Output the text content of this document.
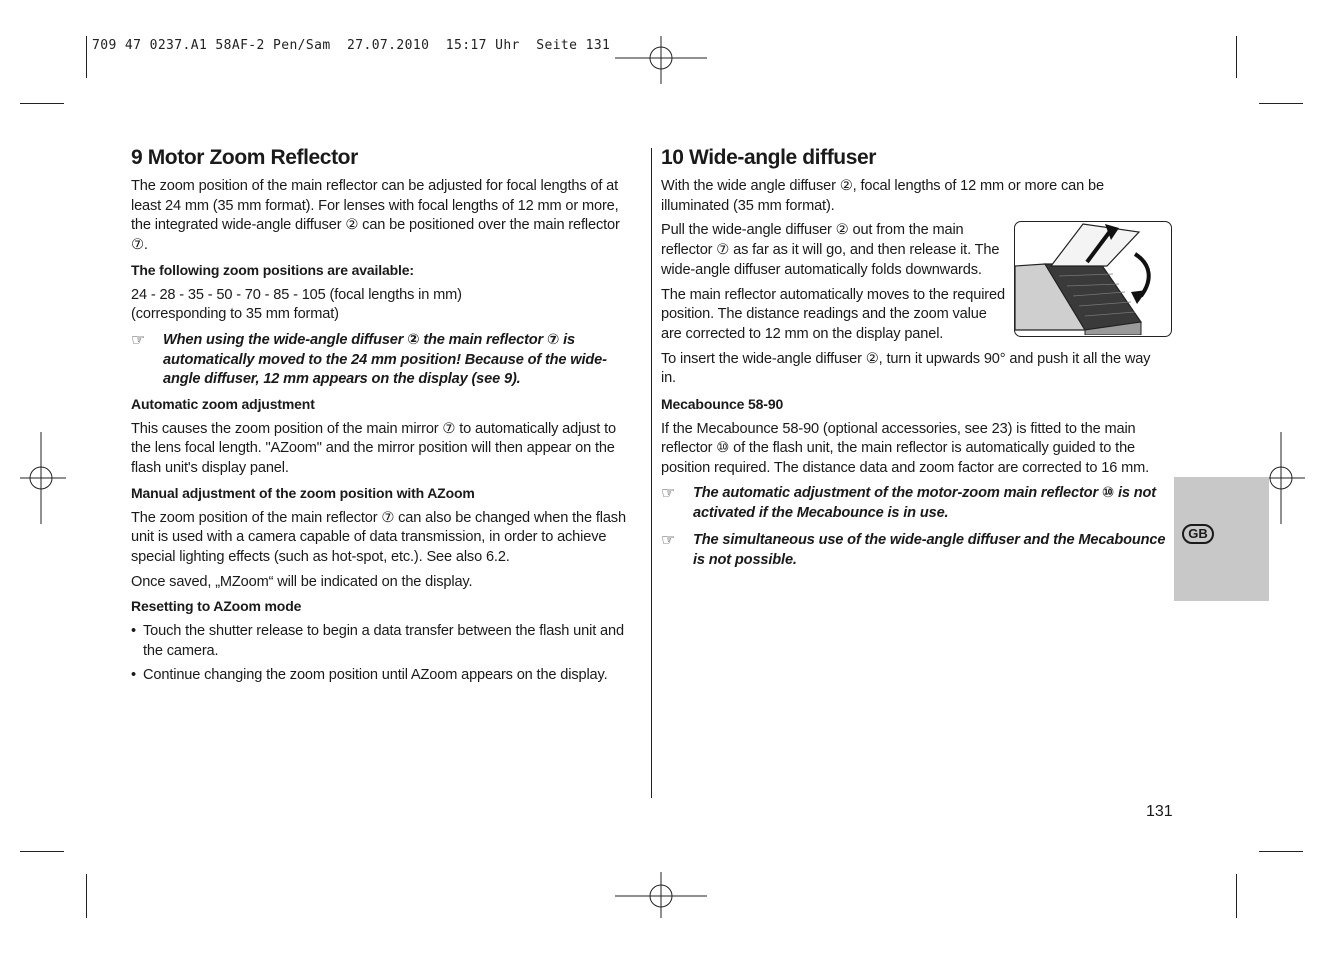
709 47 0237.A1 58AF-2 Pen/Sam  27.07.2010  15:17 Uhr  Seite 131
9 Motor Zoom Reflector

The zoom position of the main reflector can be adjusted for focal lengths of at least 24 mm (35 mm format). For lenses with focal lengths of 12 mm or more, the integrated wide-angle diffuser ② can be positioned over the main reflector ⑦.

The following zoom positions are available:

24 - 28 - 35 - 50 - 70 - 85 - 105 (focal lengths in mm)
(corresponding to 35 mm format)

☞	When using the wide-angle diffuser ② the main reflector ⑦ is automatically moved to the 24 mm position! Because of the wide-angle diffuser, 12 mm appears on the display (see 9).

Automatic zoom adjustment

This causes the zoom position of the main mirror ⑦ to automatically adjust to the lens focal length. "AZoom" and the mirror position will then appear on the flash unit's display panel.

Manual adjustment of the zoom position with AZoom

The zoom position of the main reflector ⑦ can also be changed when the flash unit is used with a camera capable of data transmission, in order to achieve special lighting effects (such as hot-spot, etc.). See also 6.2.

Once saved, „MZoom“ will be indicated on the display.

Resetting to AZoom mode

• Touch the shutter release to begin a data transfer between the flash unit and the camera.
• Continue changing the zoom position until AZoom appears on the display.
10 Wide-angle diffuser

With the wide angle diffuser ②, focal lengths of 12 mm or more can be illuminated (35 mm format).

Pull the wide-angle diffuser ② out from the main reflector ⑦ as far as it will go, and then release it. The wide-angle diffuser automatically folds downwards.

The main reflector automatically moves to the required position. The distance readings and the zoom value are corrected to 12 mm on the display panel.

To insert the wide-angle diffuser ②, turn it upwards 90° and push it all the way in.

Mecabounce 58-90

If the Mecabounce 58-90 (optional accessories, see 23) is fitted to the main reflector ⑩ of the flash unit, the main reflector is automatically guided to the position required. The distance data and zoom factor are corrected to 16 mm.

☞	The automatic adjustment of the motor-zoom main reflector ⑩ is not activated if the Mecabounce is in use.
☞	The simultaneous use of the wide-angle diffuser and the Mecabounce is not possible.
GB
131
